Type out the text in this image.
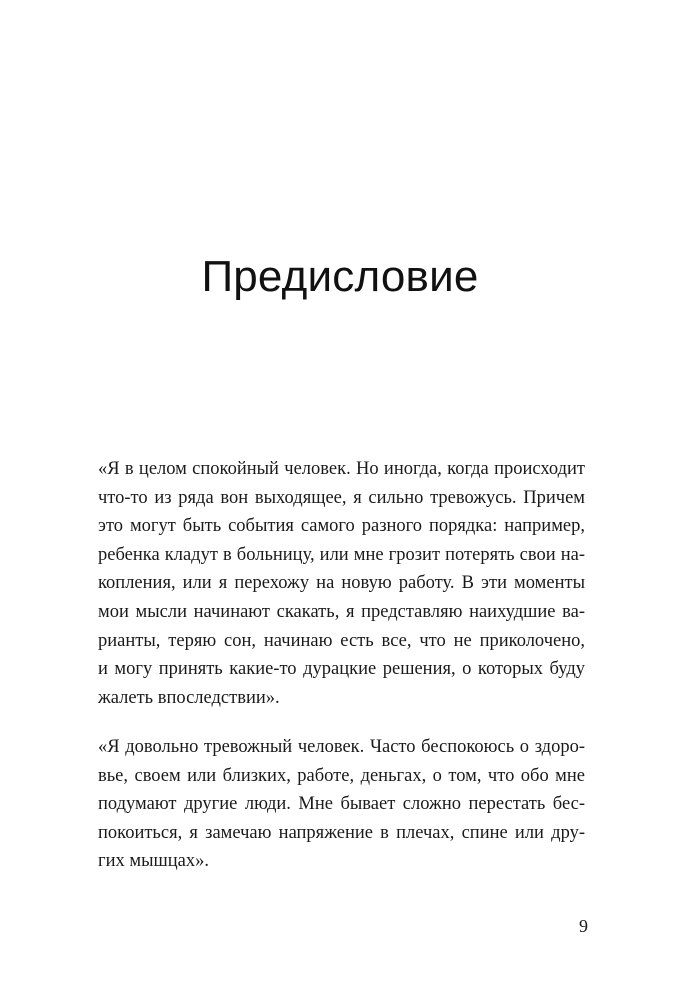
Предисловие

«Я в целом спокойный человек. Но иногда, когда происходит
что-то из ряда вон выходящее, я сильно тревожусь. Причем
это могут быть события самого разного порядка: например,
ребенка кладут в больницу, или мне грозит потерять свои на-
копления, или я перехожу на новую работу. В эти моменты
мои мысли начинают скакать, я представляю наихудшие ва-
рианты, теряю сон, начинаю есть все, что не приколочено,
и могу принять какие-то дурацкие решения, о которых буду
жалеть впоследствии».

«Я довольно тревожный человек. Часто беспокоюсь о здоро-
вье, своем или близких, работе, деньгах, о том, что обо мне
подумают другие люди. Мне бывает сложно перестать бес-
покоиться, я замечаю напряжение в плечах, спине или дру-
гих мышцах».

9
